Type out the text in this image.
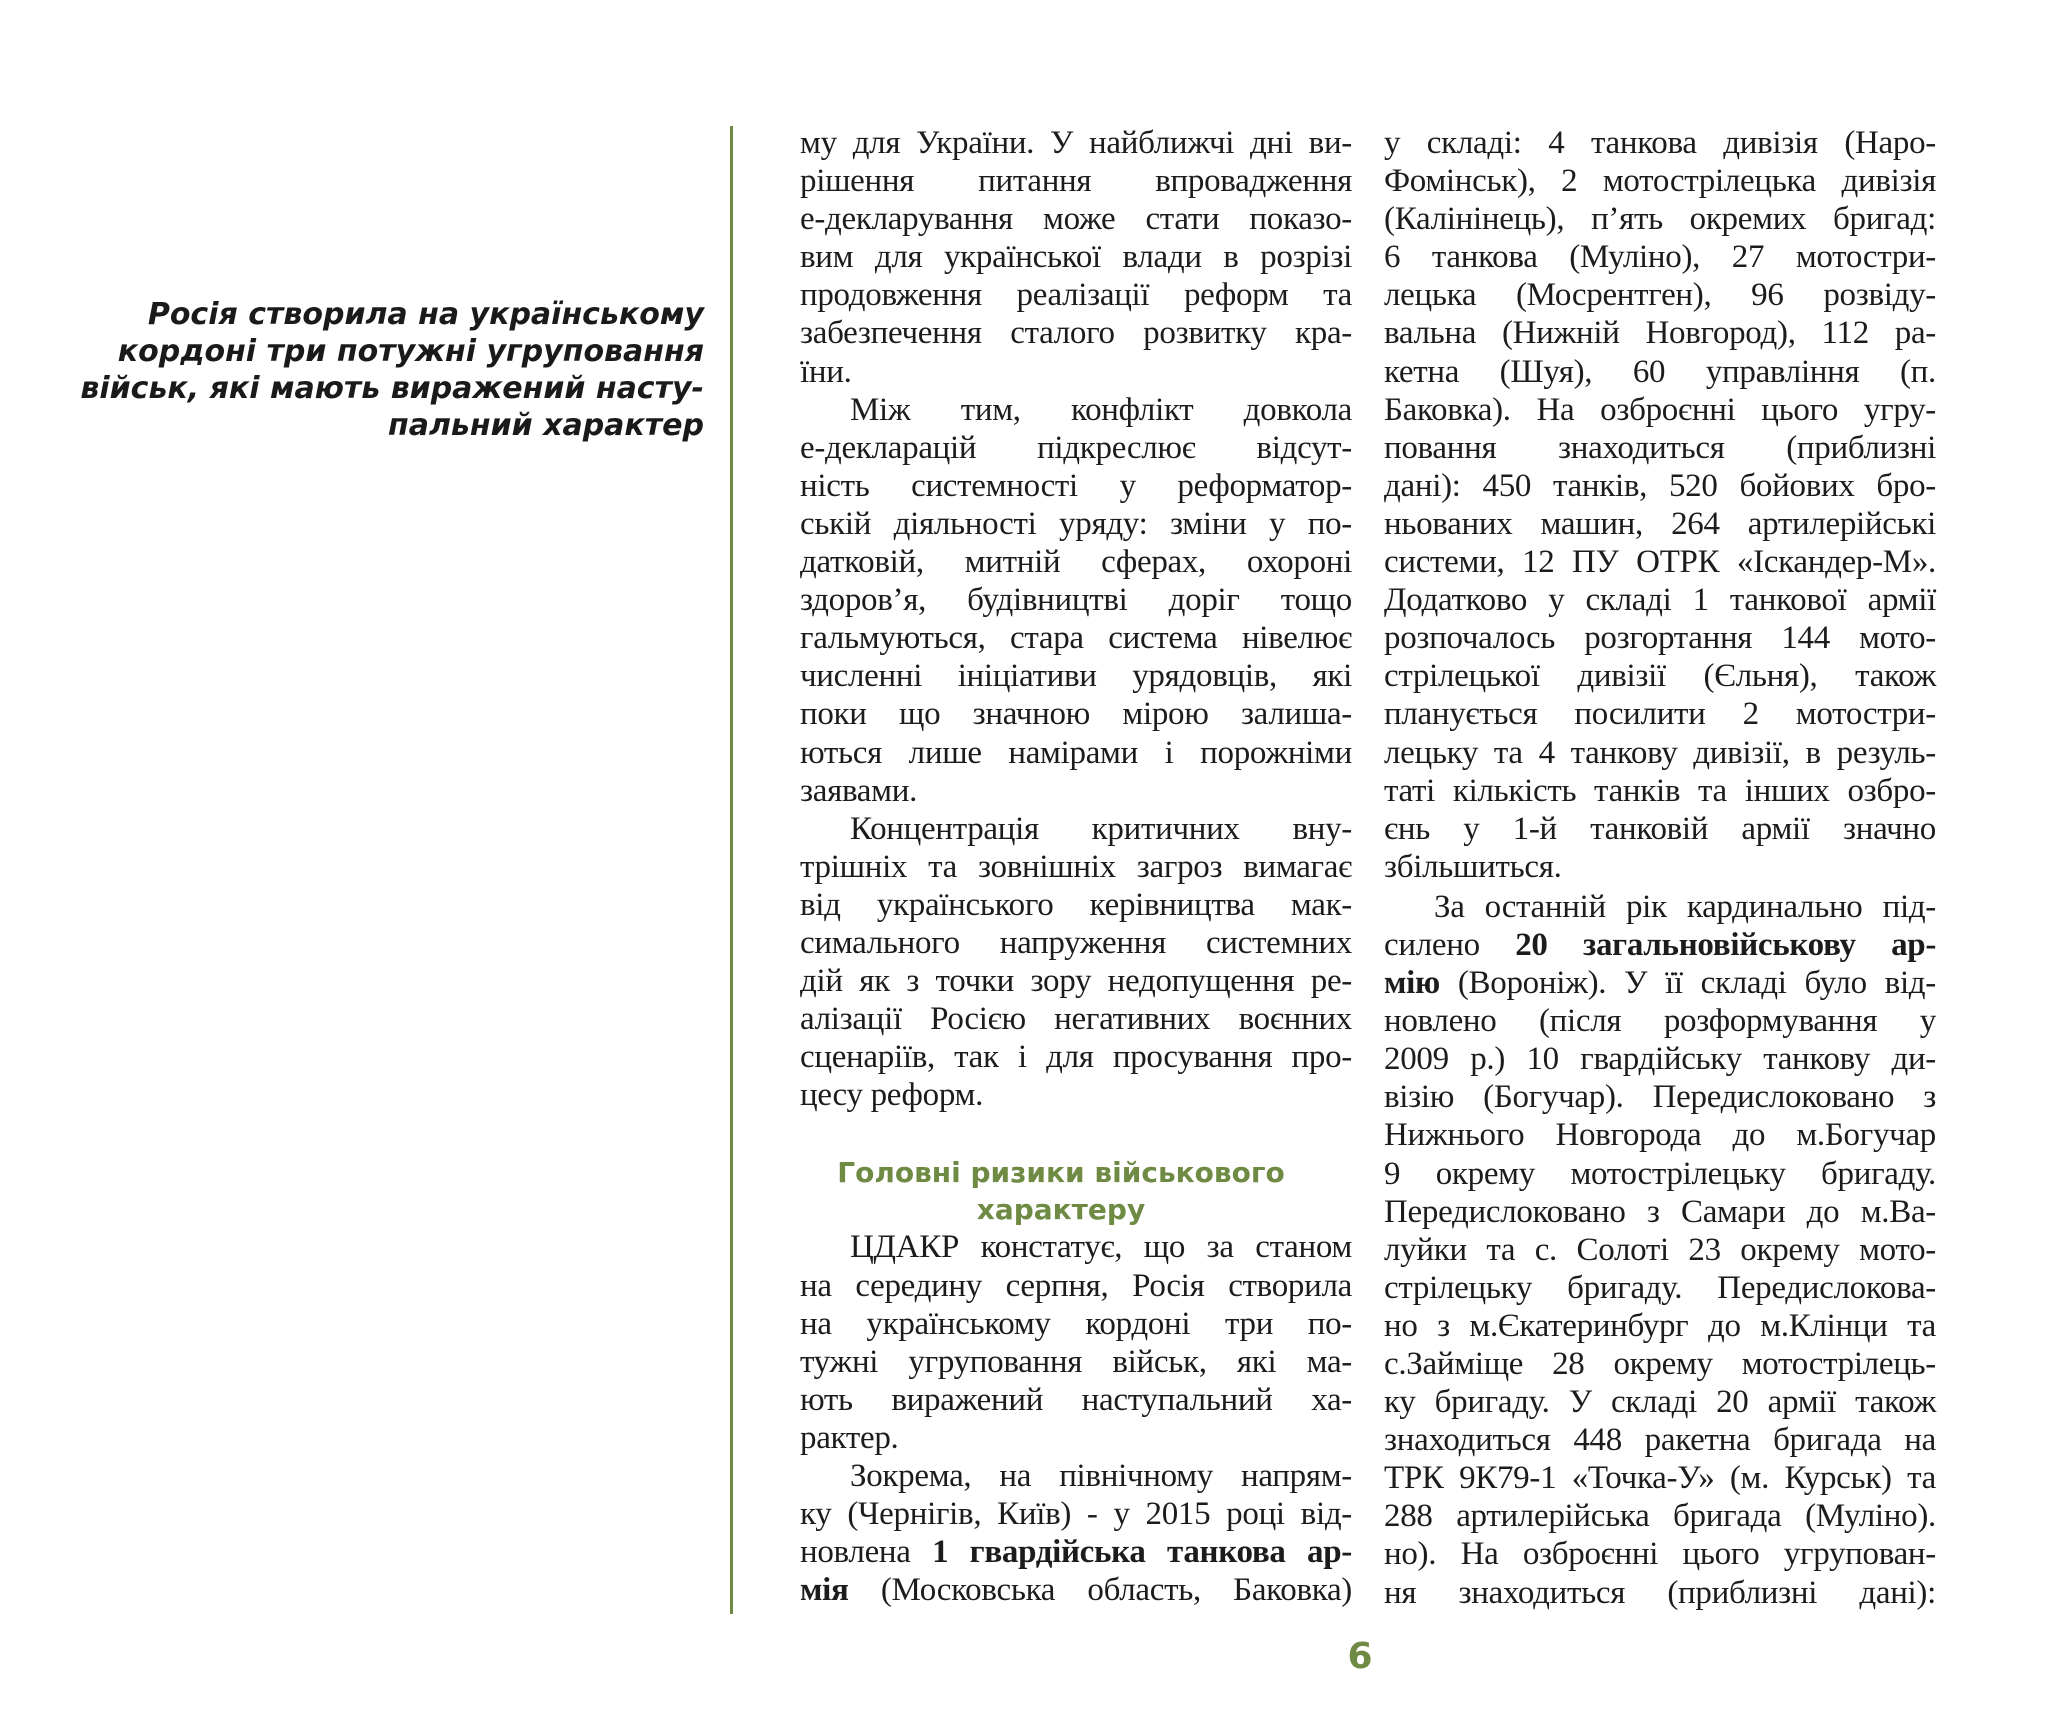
Росія створила на українському
кордоні три потужні угруповання
військ, які мають виражений насту-
пальний характер
му для України. У найближчі дні ви-
рішення питання впровадження
е-декларування може стати показо-
вим для української влади в розрізі
продовження реалізації реформ та
забезпечення сталого розвитку кра-
їни.
Між тим, конфлікт довкола
е-декларацій підкреслює відсут-
ність системності у реформатор-
ській діяльності уряду: зміни у по-
датковій, митній сферах, охороні
здоров’я, будівництві доріг тощо
гальмуються, стара система нівелює
численні ініціативи урядовців, які
поки що значною мірою залиша-
ються лише намірами і порожніми
заявами.
Концентрація критичних вну-
трішніх та зовнішніх загроз вимагає
від українського керівництва мак-
симального напруження системних
дій як з точки зору недопущення ре-
алізації Росією негативних воєнних
сценаріїв, так і для просування про-
цесу реформ.
Головні ризики військового
характеру
ЦДАКР констатує, що за станом
на середину серпня, Росія створила
на українському кордоні три по-
тужні угруповання військ, які ма-
ють виражений наступальний ха-
рактер.
Зокрема, на північному напрям-
ку (Чернігів, Київ) - у 2015 році від-
новлена 1 гвардійська танкова ар-
мія (Московська область, Баковка)
у складі: 4 танкова дивізія (Наро-
Фомінськ), 2 мотострілецька дивізія
(Калінінець), п’ять окремих бригад:
6 танкова (Муліно), 27 мотостри-
лецька (Мосрентген), 96 розвіду-
вальна (Нижній Новгород), 112 ра-
кетна (Шуя), 60 управління (п.
Баковка). На озброєнні цього угру-
повання знаходиться (приблизні
дані): 450 танків, 520 бойових бро-
ньованих машин, 264 артилерійські
системи, 12 ПУ ОТРК «Іскандер-М».
Додатково у складі 1 танкової армії
розпочалось розгортання 144 мото-
стрілецької дивізії (Єльня), також
планується посилити 2 мотостри-
лецьку та 4 танкову дивізії, в резуль-
таті кількість танків та інших озбро-
єнь у 1-й танковій армії значно
збільшиться.
За останній рік кардинально під-
силено 20 загальновійськову ар-
мію (Вороніж). У її складі було від-
новлено (після розформування у
2009 р.) 10 гвардійську танкову ди-
візію (Богучар). Передислоковано з
Нижнього Новгорода до м.Богучар
9 окрему мотострілецьку бригаду.
Передислоковано з Самари до м.Ва-
луйки та с. Солоті 23 окрему мото-
стрілецьку бригаду. Передислокова-
но з м.Єкатеринбург до м.Клінци та
с.Займіще 28 окрему мотострілець-
ку бригаду. У складі 20 армії також
знаходиться 448 ракетна бригада на
ТРК 9К79-1 «Точка-У» (м. Курськ) та
288 артилерійська бригада (Муліно).
но). На озброєнні цього угрупован-
ня знаходиться (приблизні дані):
6
